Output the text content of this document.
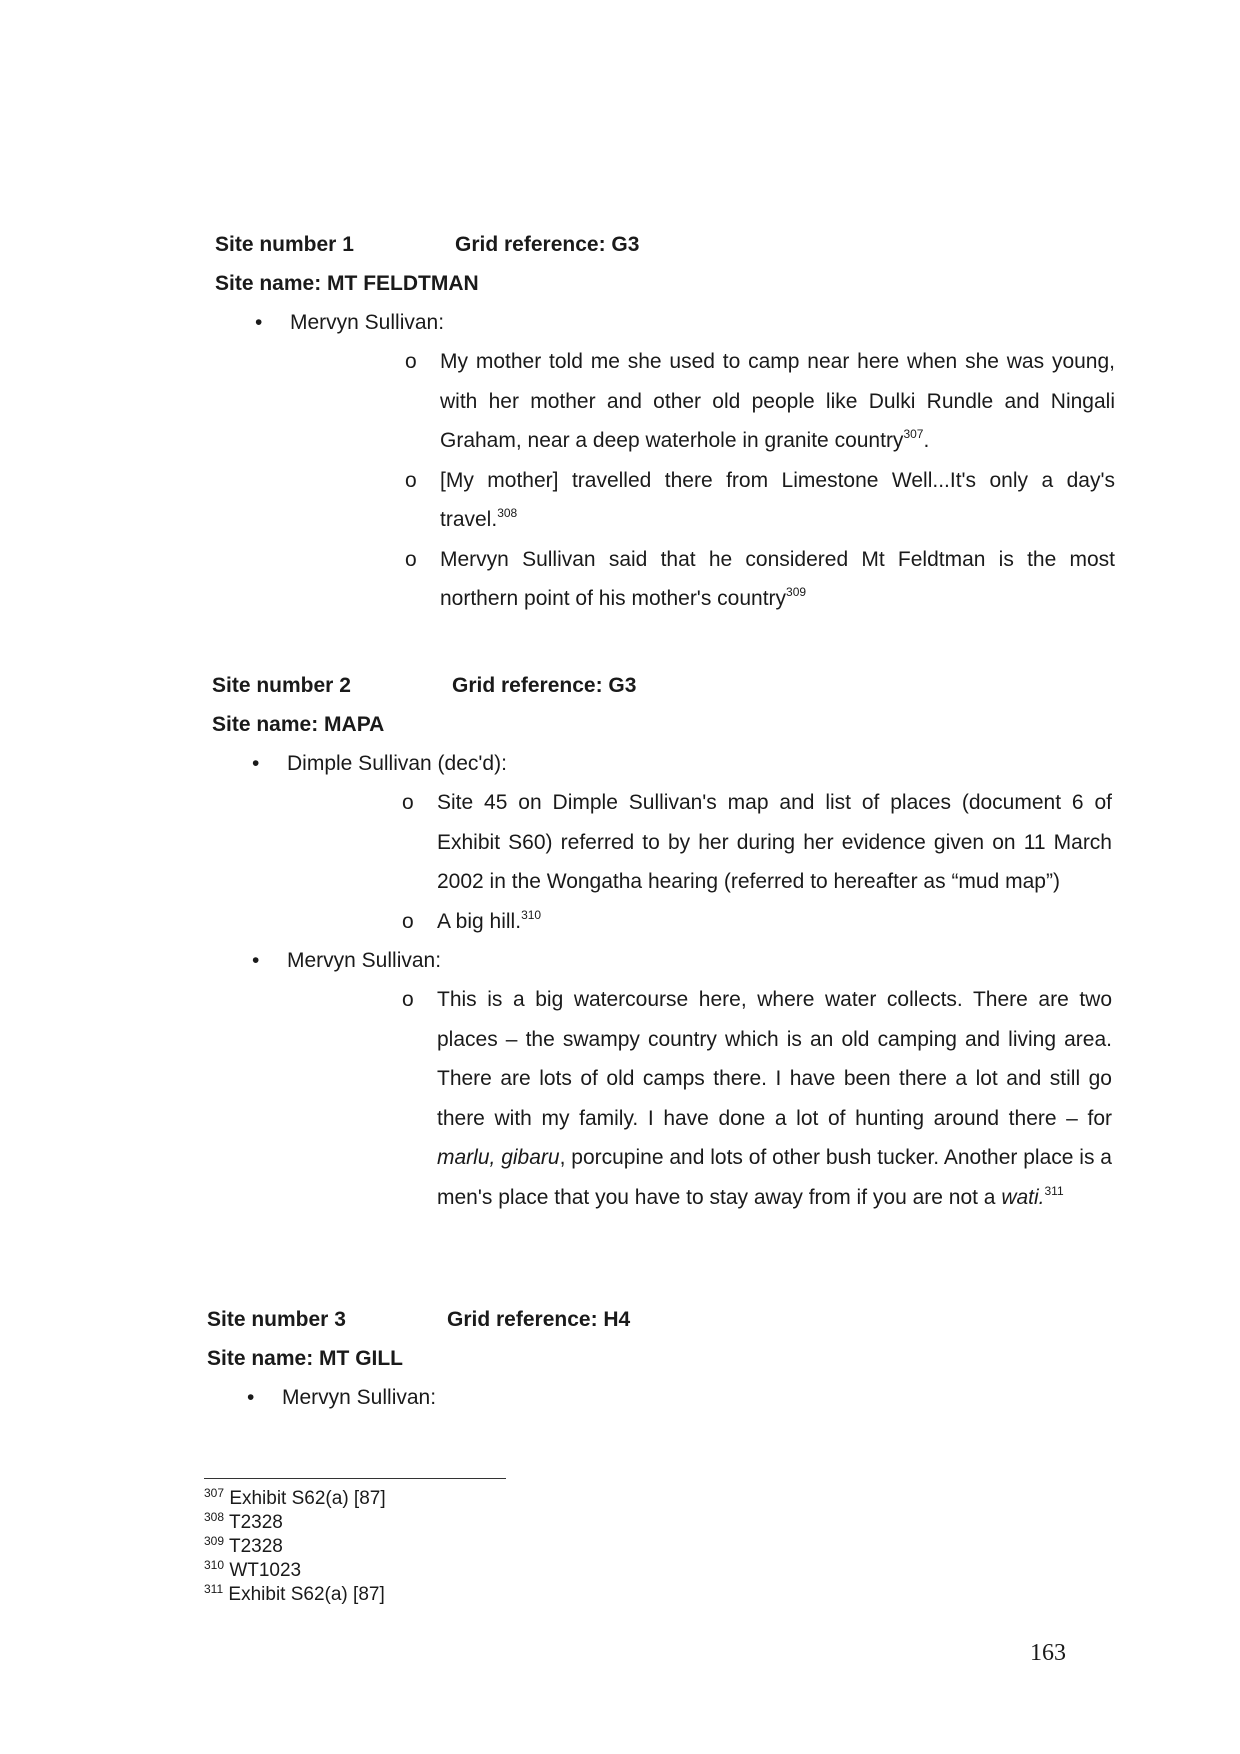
Site number 1	Grid reference: G3
Site name: MT FELDTMAN
• Mervyn Sullivan:
o My mother told me she used to camp near here when she was young, with her mother and other old people like Dulki Rundle and Ningali Graham, near a deep waterhole in granite country$^{307}$.
o [My mother] travelled there from Limestone Well...It's only a day's travel.$^{308}$
o Mervyn Sullivan said that he considered Mt Feldtman is the most northern point of his mother's country$^{309}$
Site number 2	Grid reference: G3
Site name: MAPA
• Dimple Sullivan (dec'd):
o Site 45 on Dimple Sullivan's map and list of places (document 6 of Exhibit S60) referred to by her during her evidence given on 11 March 2002 in the Wongatha hearing (referred to hereafter as “mud map”)
o A big hill.$^{310}$
• Mervyn Sullivan:
o This is a big watercourse here, where water collects. There are two places – the swampy country which is an old camping and living area. There are lots of old camps there. I have been there a lot and still go there with my family. I have done a lot of hunting around there – for marlu, gibaru, porcupine and lots of other bush tucker. Another place is a men's place that you have to stay away from if you are not a wati.$^{311}$
Site number 3	Grid reference: H4
Site name: MT GILL
• Mervyn Sullivan:
$^{307}$ Exhibit S62(a) [87]
$^{308}$ T2328
$^{309}$ T2328
$^{310}$ WT1023
$^{311}$ Exhibit S62(a) [87]
163
